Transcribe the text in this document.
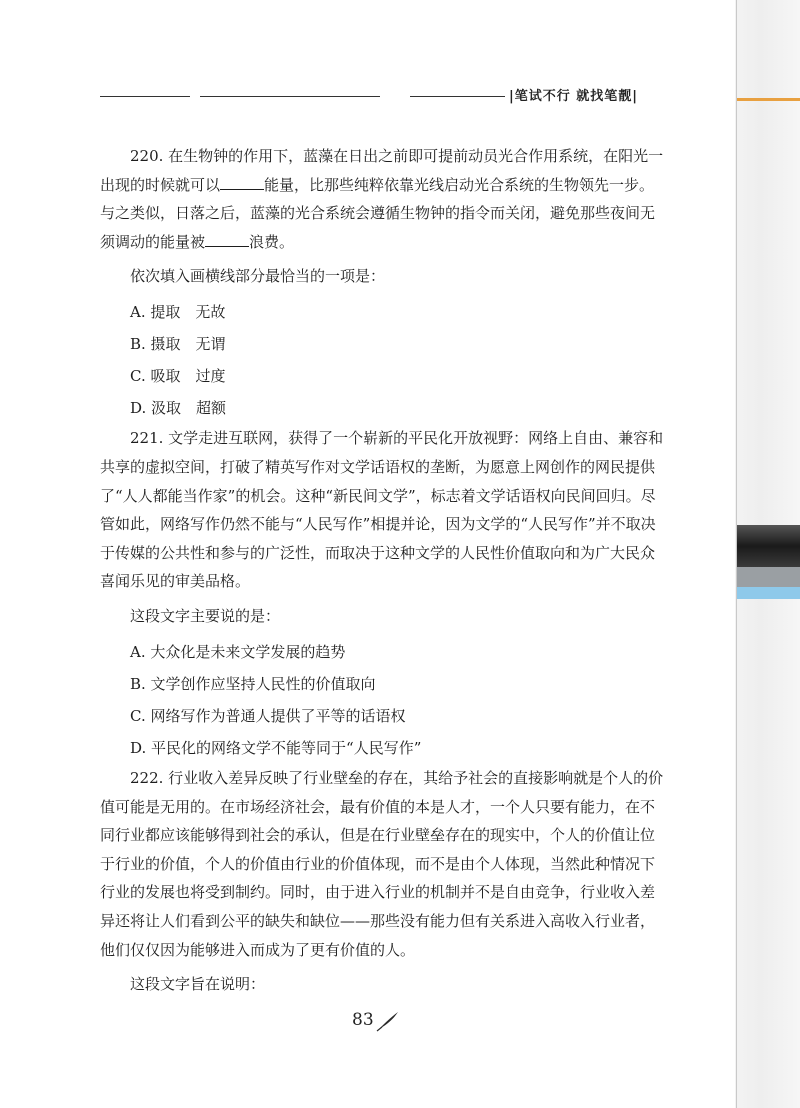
|笔试不行 就找笔靓|

220. 在生物钟的作用下，蓝藻在日出之前即可提前动员光合作用系统，在阳光一出现的时候就可以	能量，比那些纯粹依靠光线启动光合系统的生物领先一步。与之类似，日落之后，蓝藻的光合系统会遵循生物钟的指令而关闭，避免那些夜间无须调动的能量被	浪费。

依次填入画横线部分最恰当的一项是：

A. 提取　无故

B. 摄取　无谓

C. 吸取　过度

D. 汲取　超额

221. 文学走进互联网，获得了一个崭新的平民化开放视野：网络上自由、兼容和共享的虚拟空间，打破了精英写作对文学话语权的垄断，为愿意上网创作的网民提供了“人人都能当作家”的机会。这种“新民间文学”，标志着文学话语权向民间回归。尽管如此，网络写作仍然不能与“人民写作”相提并论，因为文学的“人民写作”并不取决于传媒的公共性和参与的广泛性，而取决于这种文学的人民性价值取向和为广大民众喜闻乐见的审美品格。

这段文字主要说的是：

A. 大众化是未来文学发展的趋势

B. 文学创作应坚持人民性的价值取向

C. 网络写作为普通人提供了平等的话语权

D. 平民化的网络文学不能等同于“人民写作”

222. 行业收入差异反映了行业壁垒的存在，其给予社会的直接影响就是个人的价值可能是无用的。在市场经济社会，最有价值的本是人才，一个人只要有能力，在不同行业都应该能够得到社会的承认，但是在行业壁垒存在的现实中，个人的价值让位于行业的价值，个人的价值由行业的价值体现，而不是由个人体现，当然此种情况下行业的发展也将受到制约。同时，由于进入行业的机制并不是自由竞争，行业收入差异还将让人们看到公平的缺失和缺位——那些没有能力但有关系进入高收入行业者，他们仅仅因为能够进入而成为了更有价值的人。

这段文字旨在说明：

83
